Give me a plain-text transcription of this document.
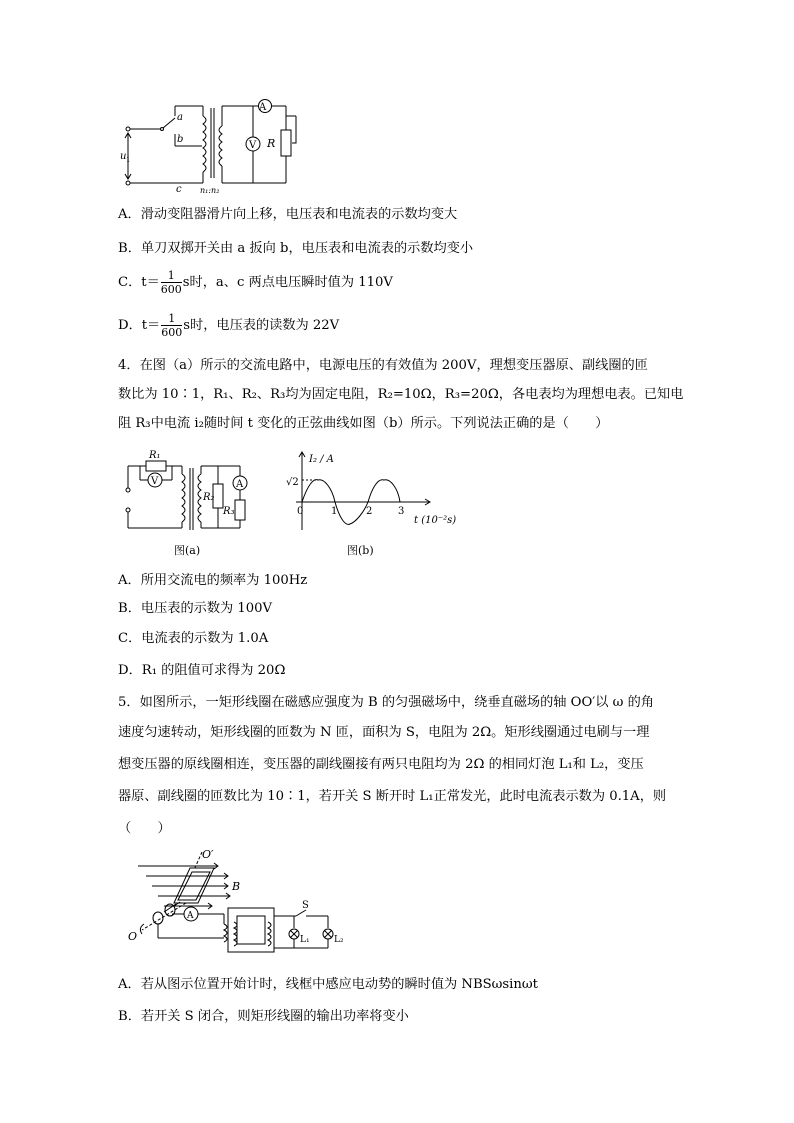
A
V R
u 1
a
b
c n₁:n₂
A．滑动变阻器滑片向上移，电压表和电流表的示数均变大
B．单刀双掷开关由 a 扳向 b，电压表和电流表的示数均变小
C．$t= \frac{1}{600}$ s时，a、c 两点电压瞬时值为 110V
D．$t= \frac{1}{600}$ s时，电压表的读数为 22V
4．在图（a）所示的交流电路中，电源电压的有效值为 200V，理想变压器原、副线圈的匝
数比为 10∶1，R₁、R₂、R₃均为固定电阻，R₂=10Ω，R₃=20Ω，各电表均为理想电表。已知电
阻 R₃中电流 i₂随时间 t 变化的正弦曲线如图（b）所示。下列说法正确的是（　　）
R₁
V
R₂
A
R₃
图(a)
I₂ / A
√2
0	1	2	3
t (10⁻²s)
图(b)
A．所用交流电的频率为 100Hz
B．电压表的示数为 100V
C．电流表的示数为 1.0A
D．R₁ 的阻值可求得为 20Ω
5．如图所示，一矩形线圈在磁感应强度为 B 的匀强磁场中，绕垂直磁场的轴 OO′以 ω 的角
速度匀速转动，矩形线圈的匝数为 N 匝，面积为 S，电阻为 2Ω。矩形线圈通过电刷与一理
想变压器的原线圈相连，变压器的副线圈接有两只电阻均为 2Ω 的相同灯泡 L₁和 L₂，变压
器原、副线圈的匝数比为 10∶1，若开关 S 断开时 L₁正常发光，此时电流表示数为 0.1A，则
（　　）
O′
B
O
A
S
L₁	L₂
A．若从图示位置开始计时，线框中感应电动势的瞬时值为 NBSωsinωt
B．若开关 S 闭合，则矩形线圈的输出功率将变小
